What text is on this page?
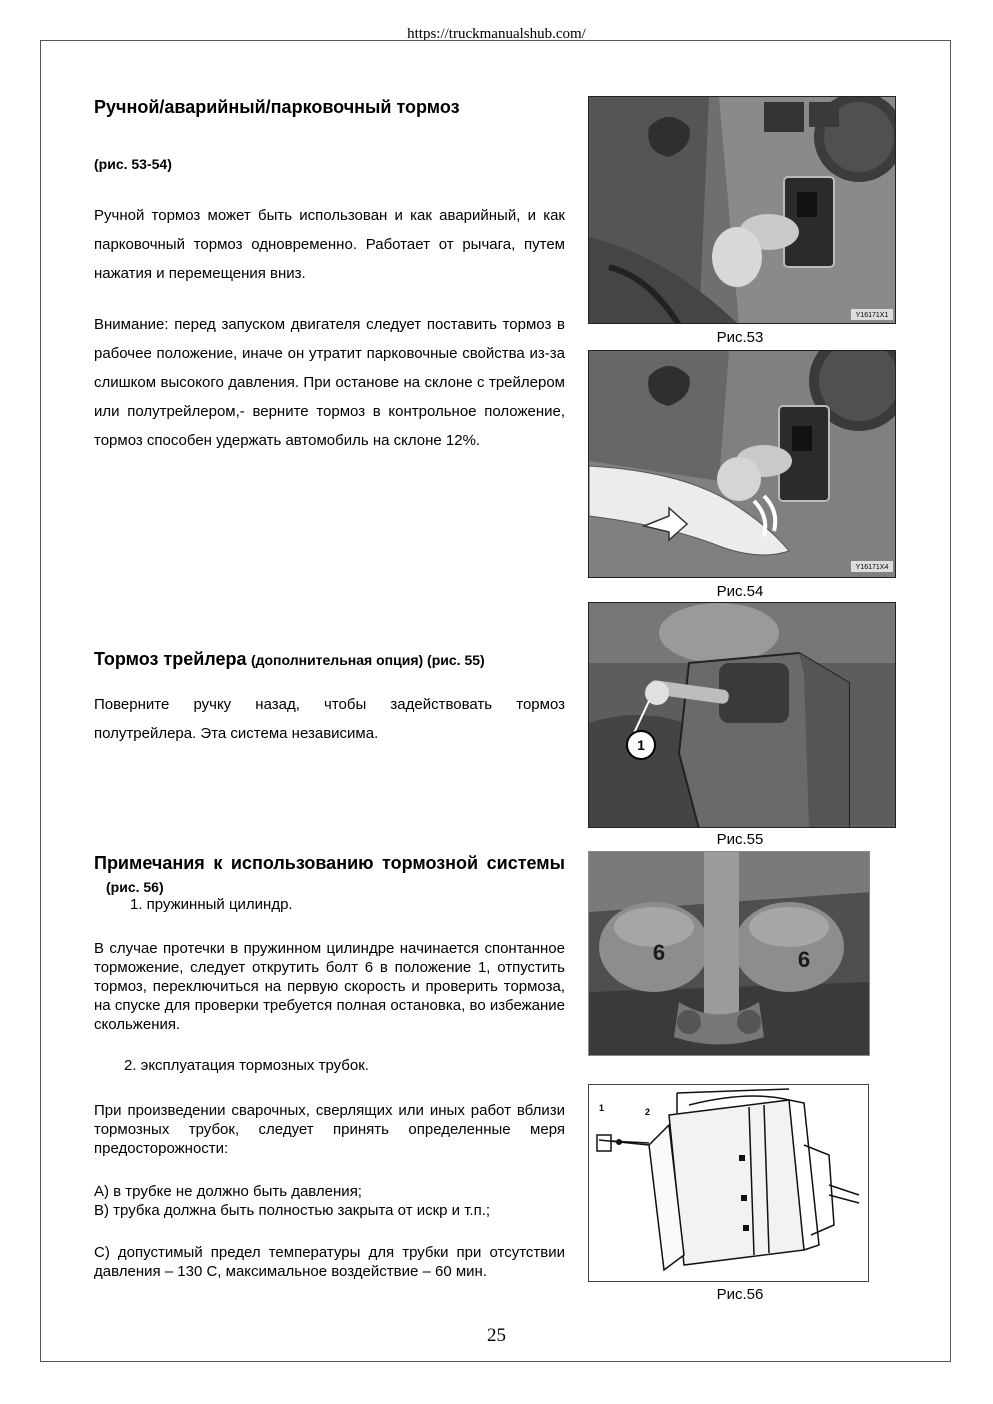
https://truckmanualshub.com/
Ручной/аварийный/парковочный тормоз
(рис. 53-54)
Ручной тормоз может быть использован и как аварийный, и как парковочный тормоз одновременно. Работает от рычага, путем нажатия и перемещения вниз.
Внимание: перед запуском двигателя следует поставить тормоз в рабочее положение, иначе он утратит парковочные свойства из-за слишком высокого давления. При останове на склоне с трейлером или полутрейлером,- верните тормоз в контрольное положение, тормоз способен удержать автомобиль на склоне 12%.
Y16171X1
Рис.53
Y16171X4
Рис.54
Тормоз трейлера (дополнительная опция) (рис. 55)
Поверните ручку назад, чтобы задействовать тормоз полутрейлера. Эта система независима.
1
Рис.55
Примечания к использованию тормозной системы (рис. 56)
1. пружинный цилиндр.
В случае протечки в пружинном цилиндре начинается спонтанное торможение, следует открутить болт 6 в положение 1, отпустить тормоз, переключиться на первую скорость и проверить тормоза, на спуске для проверки требуется полная остановка, во избежание скольжения.
2. эксплуатация тормозных трубок.
При произведении сварочных, сверлящих или иных работ вблизи тормозных трубок, следует принять определенные меря предосторожности:
А) в трубке не должно быть давления;
В) трубка должна быть полностью закрыта от искр и т.п.;
С) допустимый предел температуры для трубки при отсутствии давления – 130 С, максимальное воздействие – 60 мин.
6	6
1	2
Рис.56
25
